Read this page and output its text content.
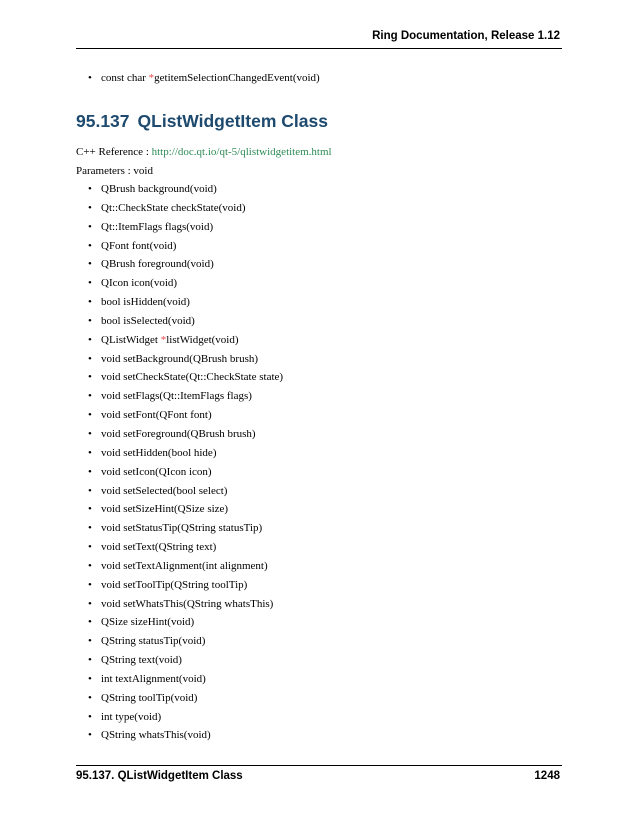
Ring Documentation, Release 1.12
• const char *getitemSelectionChangedEvent(void)
95.137 QListWidgetItem Class
C++ Reference : http://doc.qt.io/qt-5/qlistwidgetitem.html
Parameters : void
• QBrush background(void)
• Qt::CheckState checkState(void)
• Qt::ItemFlags flags(void)
• QFont font(void)
• QBrush foreground(void)
• QIcon icon(void)
• bool isHidden(void)
• bool isSelected(void)
• QListWidget *listWidget(void)
• void setBackground(QBrush brush)
• void setCheckState(Qt::CheckState state)
• void setFlags(Qt::ItemFlags flags)
• void setFont(QFont font)
• void setForeground(QBrush brush)
• void setHidden(bool hide)
• void setIcon(QIcon icon)
• void setSelected(bool select)
• void setSizeHint(QSize size)
• void setStatusTip(QString statusTip)
• void setText(QString text)
• void setTextAlignment(int alignment)
• void setToolTip(QString toolTip)
• void setWhatsThis(QString whatsThis)
• QSize sizeHint(void)
• QString statusTip(void)
• QString text(void)
• int textAlignment(void)
• QString toolTip(void)
• int type(void)
• QString whatsThis(void)
95.137. QListWidgetItem Class	1248
